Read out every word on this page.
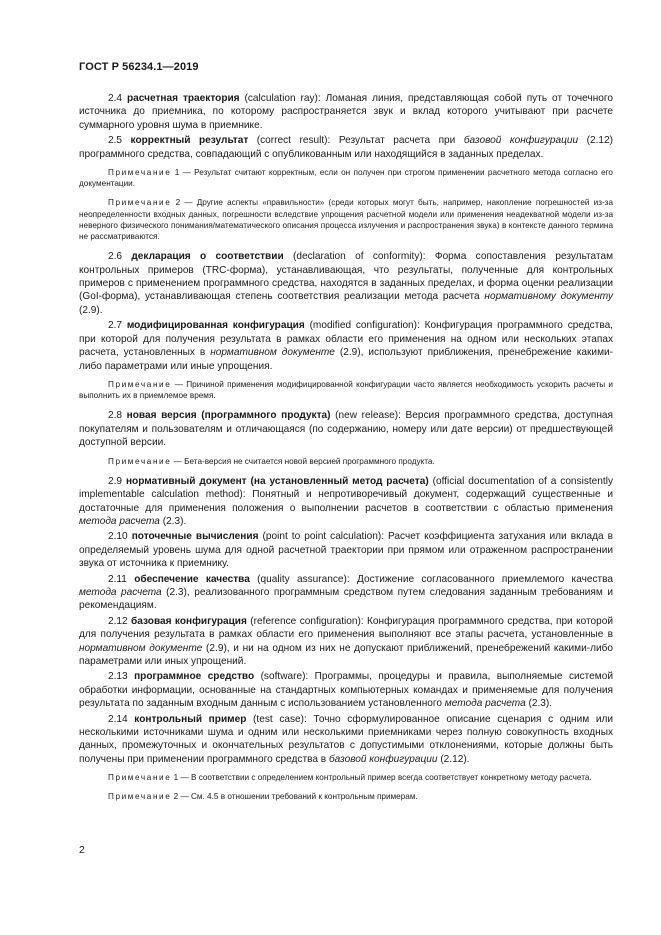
ГОСТ Р 56234.1—2019

2.4 расчетная траектория (calculation ray): Ломаная линия, представляющая собой путь от точечного источника до приемника, по которому распространяется звук и вклад которого учитывают при расчете суммарного уровня шума в приемнике.

2.5 корректный результат (correct result): Результат расчета при базовой конфигурации (2.12) программного средства, совпадающий с опубликованным или находящийся в заданных пределах.

Примечание 1 — Результат считают корректным, если он получен при строгом применении расчетного метода согласно его документации.

Примечание 2 — Другие аспекты «правильности» (среди которых могут быть, например, накопление погрешностей из-за неопределенности входных данных, погрешности вследствие упрощения расчетной модели или применения неадекватной модели из-за неверного физического понимания/математического описания процесса излучения и распространения звука) в контексте данного термина не рассматриваются.

2.6 декларация о соответствии (declaration of conformity): Форма сопоставления результатам контрольных примеров (TRC-форма), устанавливающая, что результаты, полученные для контрольных примеров с применением программного средства, находятся в заданных пределах, и форма оценки реализации (GoI-форма), устанавливающая степень соответствия реализации метода расчета нормативному документу (2.9).

2.7 модифицированная конфигурация (modified configuration): Конфигурация программного средства, при которой для получения результата в рамках области его применения на одном или нескольких этапах расчета, установленных в нормативном документе (2.9), используют приближения, пренебрежение какими-либо параметрами или иные упрощения.

Примечание — Причиной применения модифицированной конфигурации часто является необходимость ускорить расчеты и выполнить их в приемлемое время.

2.8 новая версия (программного продукта) (new release): Версия программного средства, доступная покупателям и пользователям и отличающаяся (по содержанию, номеру или дате версии) от предшествующей доступной версии.

Примечание — Бета-версия не считается новой версией программного продукта.

2.9 нормативный документ (на установленный метод расчета) (official documentation of a consistently implementable calculation method): Понятный и непротиворечивый документ, содержащий существенные и достаточные для применения положения о выполнении расчетов в соответствии с областью применения метода расчета (2.3).

2.10 поточечные вычисления (point to point calculation): Расчет коэффициента затухания или вклада в определяемый уровень шума для одной расчетной траектории при прямом или отраженном распространении звука от источника к приемнику.

2.11 обеспечение качества (quality assurance): Достижение согласованного приемлемого качества метода расчета (2.3), реализованного программным средством путем следования заданным требованиям и рекомендациям.

2.12 базовая конфигурация (reference configuration): Конфигурация программного средства, при которой для получения результата в рамках области его применения выполняют все этапы расчета, установленные в нормативном документе (2.9), и ни на одном из них не допускают приближений, пренебрежений какими-либо параметрами или иных упрощений.

2.13 программное средство (software): Программы, процедуры и правила, выполняемые системой обработки информации, основанные на стандартных компьютерных командах и применяемые для получения результата по заданным входным данным с использованием установленного метода расчета (2.3).

2.14 контрольный пример (test case): Точно сформулированное описание сценария с одним или несколькими источниками шума и одним или несколькими приемниками через полную совокупность входных данных, промежуточных и окончательных результатов с допустимыми отклонениями, которые должны быть получены при применении программного средства в базовой конфигурации (2.12).

Примечание 1 — В соответствии с определением контрольный пример всегда соответствует конкретному методу расчета.

Примечание 2 — См. 4.5 в отношении требований к контрольным примерам.

2
